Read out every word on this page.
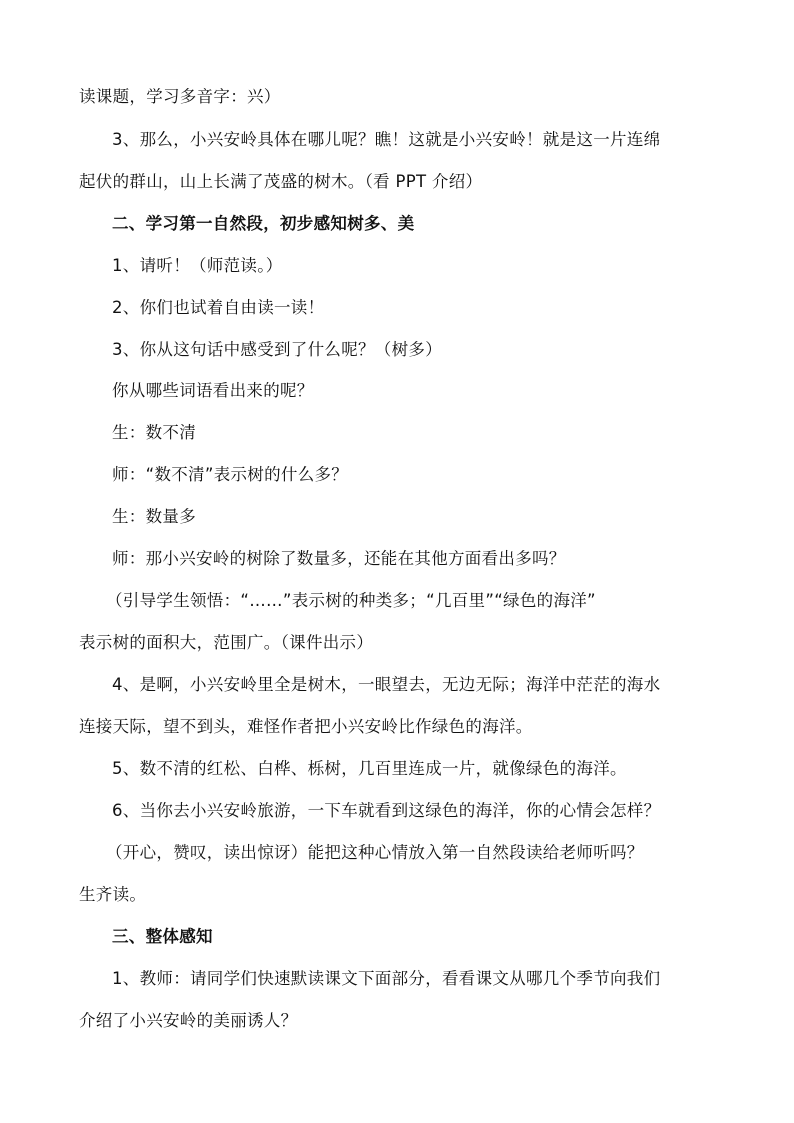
读课题，学习多音字：兴）
3、那么，小兴安岭具体在哪儿呢？瞧！这就是小兴安岭！就是这一片连绵
起伏的群山，山上长满了茂盛的树木。（看 PPT 介绍）
二、学习第一自然段，初步感知树多、美
1、请听！（师范读。）
2、你们也试着自由读一读！
3、你从这句话中感受到了什么呢？（树多）
你从哪些词语看出来的呢？
生：数不清
师：“数不清”表示树的什么多？
生：数量多
师：那小兴安岭的树除了数量多，还能在其他方面看出多吗？
（引导学生领悟：“……”表示树的种类多；“几百里”“绿色的海洋”
表示树的面积大，范围广。（课件出示）
4、是啊，小兴安岭里全是树木，一眼望去，无边无际；海洋中茫茫的海水
连接天际，望不到头，难怪作者把小兴安岭比作绿色的海洋。
5、数不清的红松、白桦、栎树，几百里连成一片，就像绿色的海洋。
6、当你去小兴安岭旅游，一下车就看到这绿色的海洋，你的心情会怎样？
（开心，赞叹，读出惊讶）能把这种心情放入第一自然段读给老师听吗？
生齐读。
三、整体感知
1、教师：请同学们快速默读课文下面部分，看看课文从哪几个季节向我们
介绍了小兴安岭的美丽诱人？
